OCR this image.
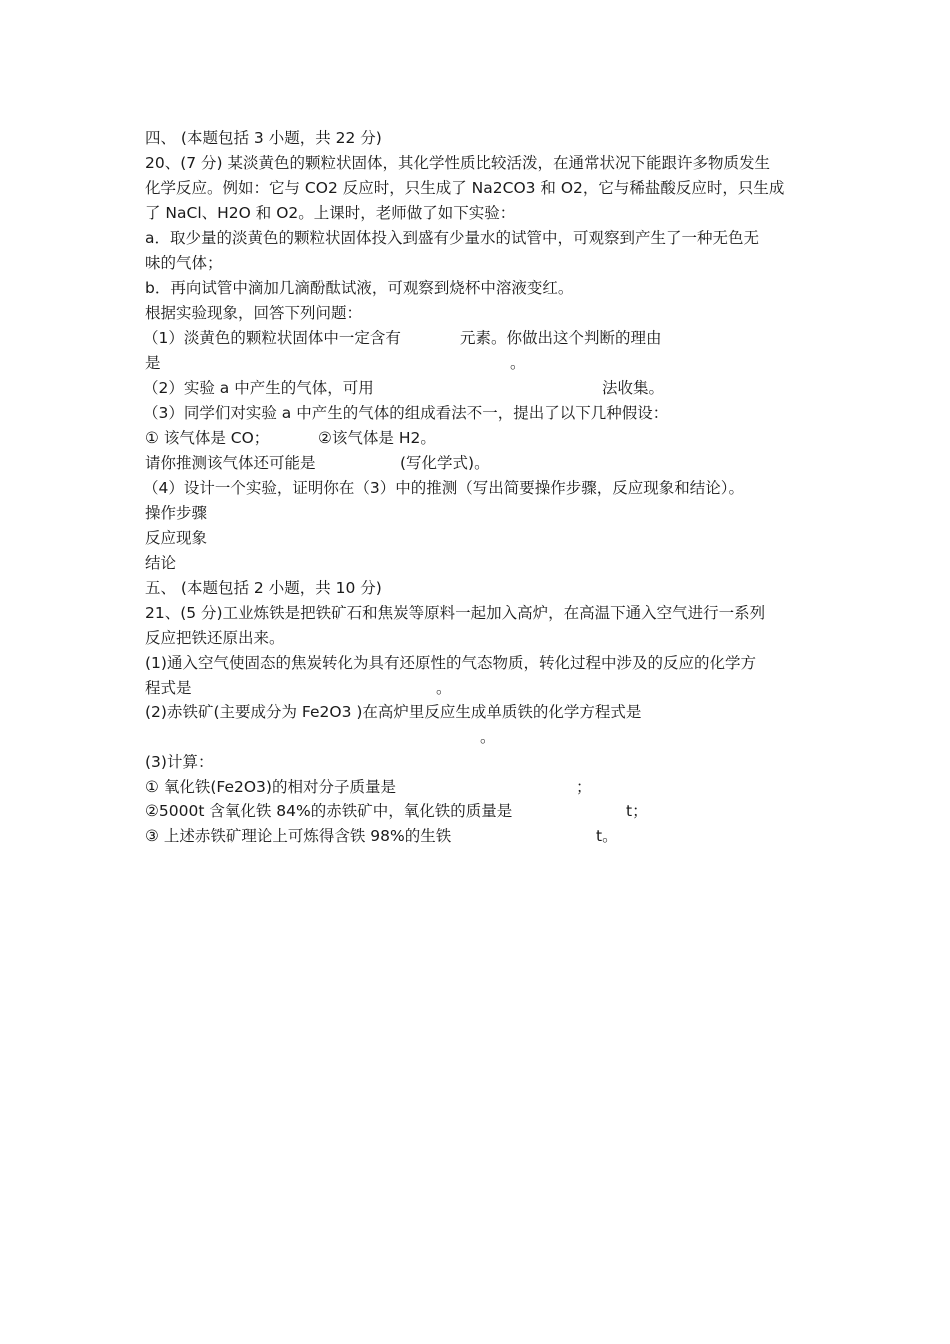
四、 (本题包括 3 小题，共 22 分)
20、(7 分) 某淡黄色的颗粒状固体，其化学性质比较活泼，在通常状况下能跟许多物质发生
化学反应。例如：它与 CO2 反应时，只生成了 Na2CO3 和 O2，它与稀盐酸反应时，只生成
了 NaCl、H2O 和 O2。上课时，老师做了如下实验：
a．取少量的淡黄色的颗粒状固体投入到盛有少量水的试管中，可观察到产生了一种无色无
味的气体；
b．再向试管中滴加几滴酚酞试液，可观察到烧杯中溶液变红。
根据实验现象，回答下列问题：
（1）淡黄色的颗粒状固体中一定含有	元素。你做出这个判断的理由
是	。
（2）实验 a 中产生的气体，可用	法收集。
（3）同学们对实验 a 中产生的气体的组成看法不一，提出了以下几种假设：
① 该气体是 CO；	②该气体是 H2。
请你推测该气体还可能是	(写化学式)。
（4）设计一个实验，证明你在（3）中的推测（写出简要操作步骤，反应现象和结论）。
操作步骤
反应现象
结论
五、 (本题包括 2 小题，共 10 分)
21、(5 分)工业炼铁是把铁矿石和焦炭等原料一起加入高炉，在高温下通入空气进行一系列
反应把铁还原出来。
(1)通入空气使固态的焦炭转化为具有还原性的气态物质，转化过程中涉及的反应的化学方
程式是	。
(2)赤铁矿(主要成分为 Fe2O3 )在高炉里反应生成单质铁的化学方程式是
。
(3)计算：
① 氧化铁(Fe2O3)的相对分子质量是	；
②5000t 含氧化铁 84%的赤铁矿中，氧化铁的质量是	t；
③ 上述赤铁矿理论上可炼得含铁 98%的生铁	t。
